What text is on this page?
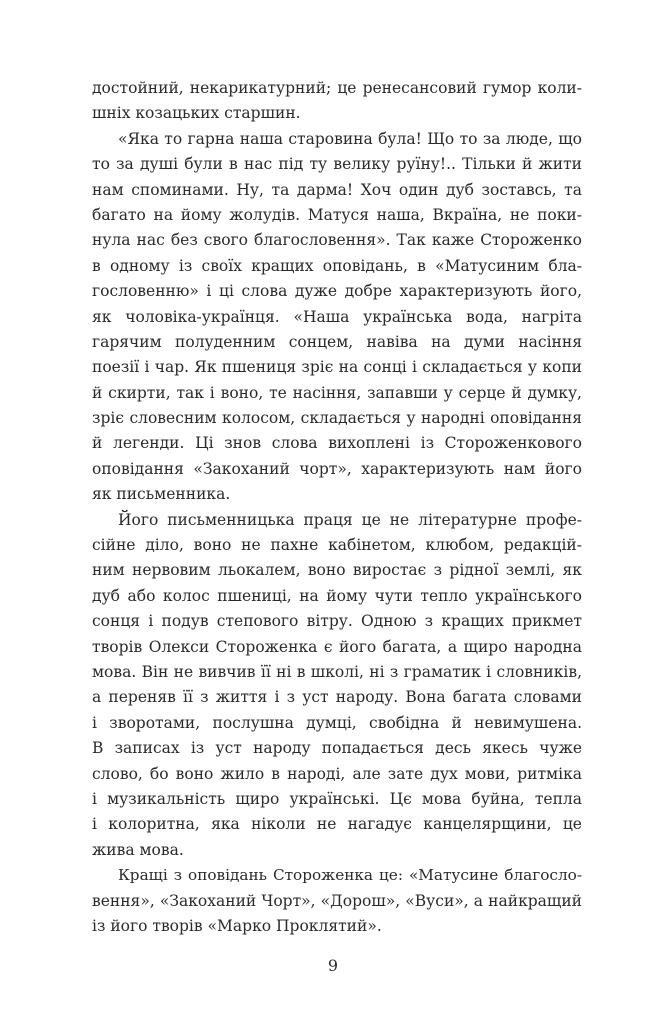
достойний, некарикатурний; це ренесансовий гумор коли-
шніх козацьких старшин.
«Яка то гарна наша старовина була! Що то за люде, що
то за душі були в нас під ту велику руїну!.. Тільки й жити
нам споминами. Ну, та дарма! Хоч один дуб зоставсь, та
багато на йому жолудів. Матуся наша, Вкраїна, не поки-
нула нас без свого благословення». Так каже Стороженко
в одному із своїх кращих оповідань, в «Матусиним бла-
гословенню» і ці слова дуже добре характеризують його,
як чоловіка-українця. «Наша українська вода, нагріта
гарячим полуденним сонцем, навіва на думи насіння
поезії і чар. Як пшениця зріє на сонці і складається у копи
й скирти, так і воно, те насіння, запавши у серце й думку,
зріє словесним колосом, складається у народні оповідання
й легенди. Ці знов слова вихоплені із Стороженкового
оповідання «Закоханий чорт», характеризують нам його
як письменника.
Його письменницька праця це не літературне профе-
сійне діло, воно не пахне кабінетом, клюбом, редакцій-
ним нервовим льокалем, воно виростає з рідної землі, як
дуб або колос пшениці, на йому чути тепло українського
сонця і подув степового вітру. Одною з кращих прикмет
творів Олекси Стороженка є його багата, а щиро народна
мова. Він не вивчив її ні в школі, ні з граматик і словників,
а переняв її з життя і з уст народу. Вона багата словами
і зворотами, послушна думці, свобідна й невимушена.
В записах із уст народу попадається десь якесь чуже
слово, бо воно жило в народі, але зате дух мови, ритміка
і музикальність щиро українські. Цє мова буйна, тепла
і колоритна, яка ніколи не нагадує канцелярщини, це
жива мова.
Кращі з оповідань Стороженка це: «Матусине благосло-
вення», «Закоханий Чорт», «Дорош», «Вуси», а найкращий
із його творів «Марко Проклятий».
9
